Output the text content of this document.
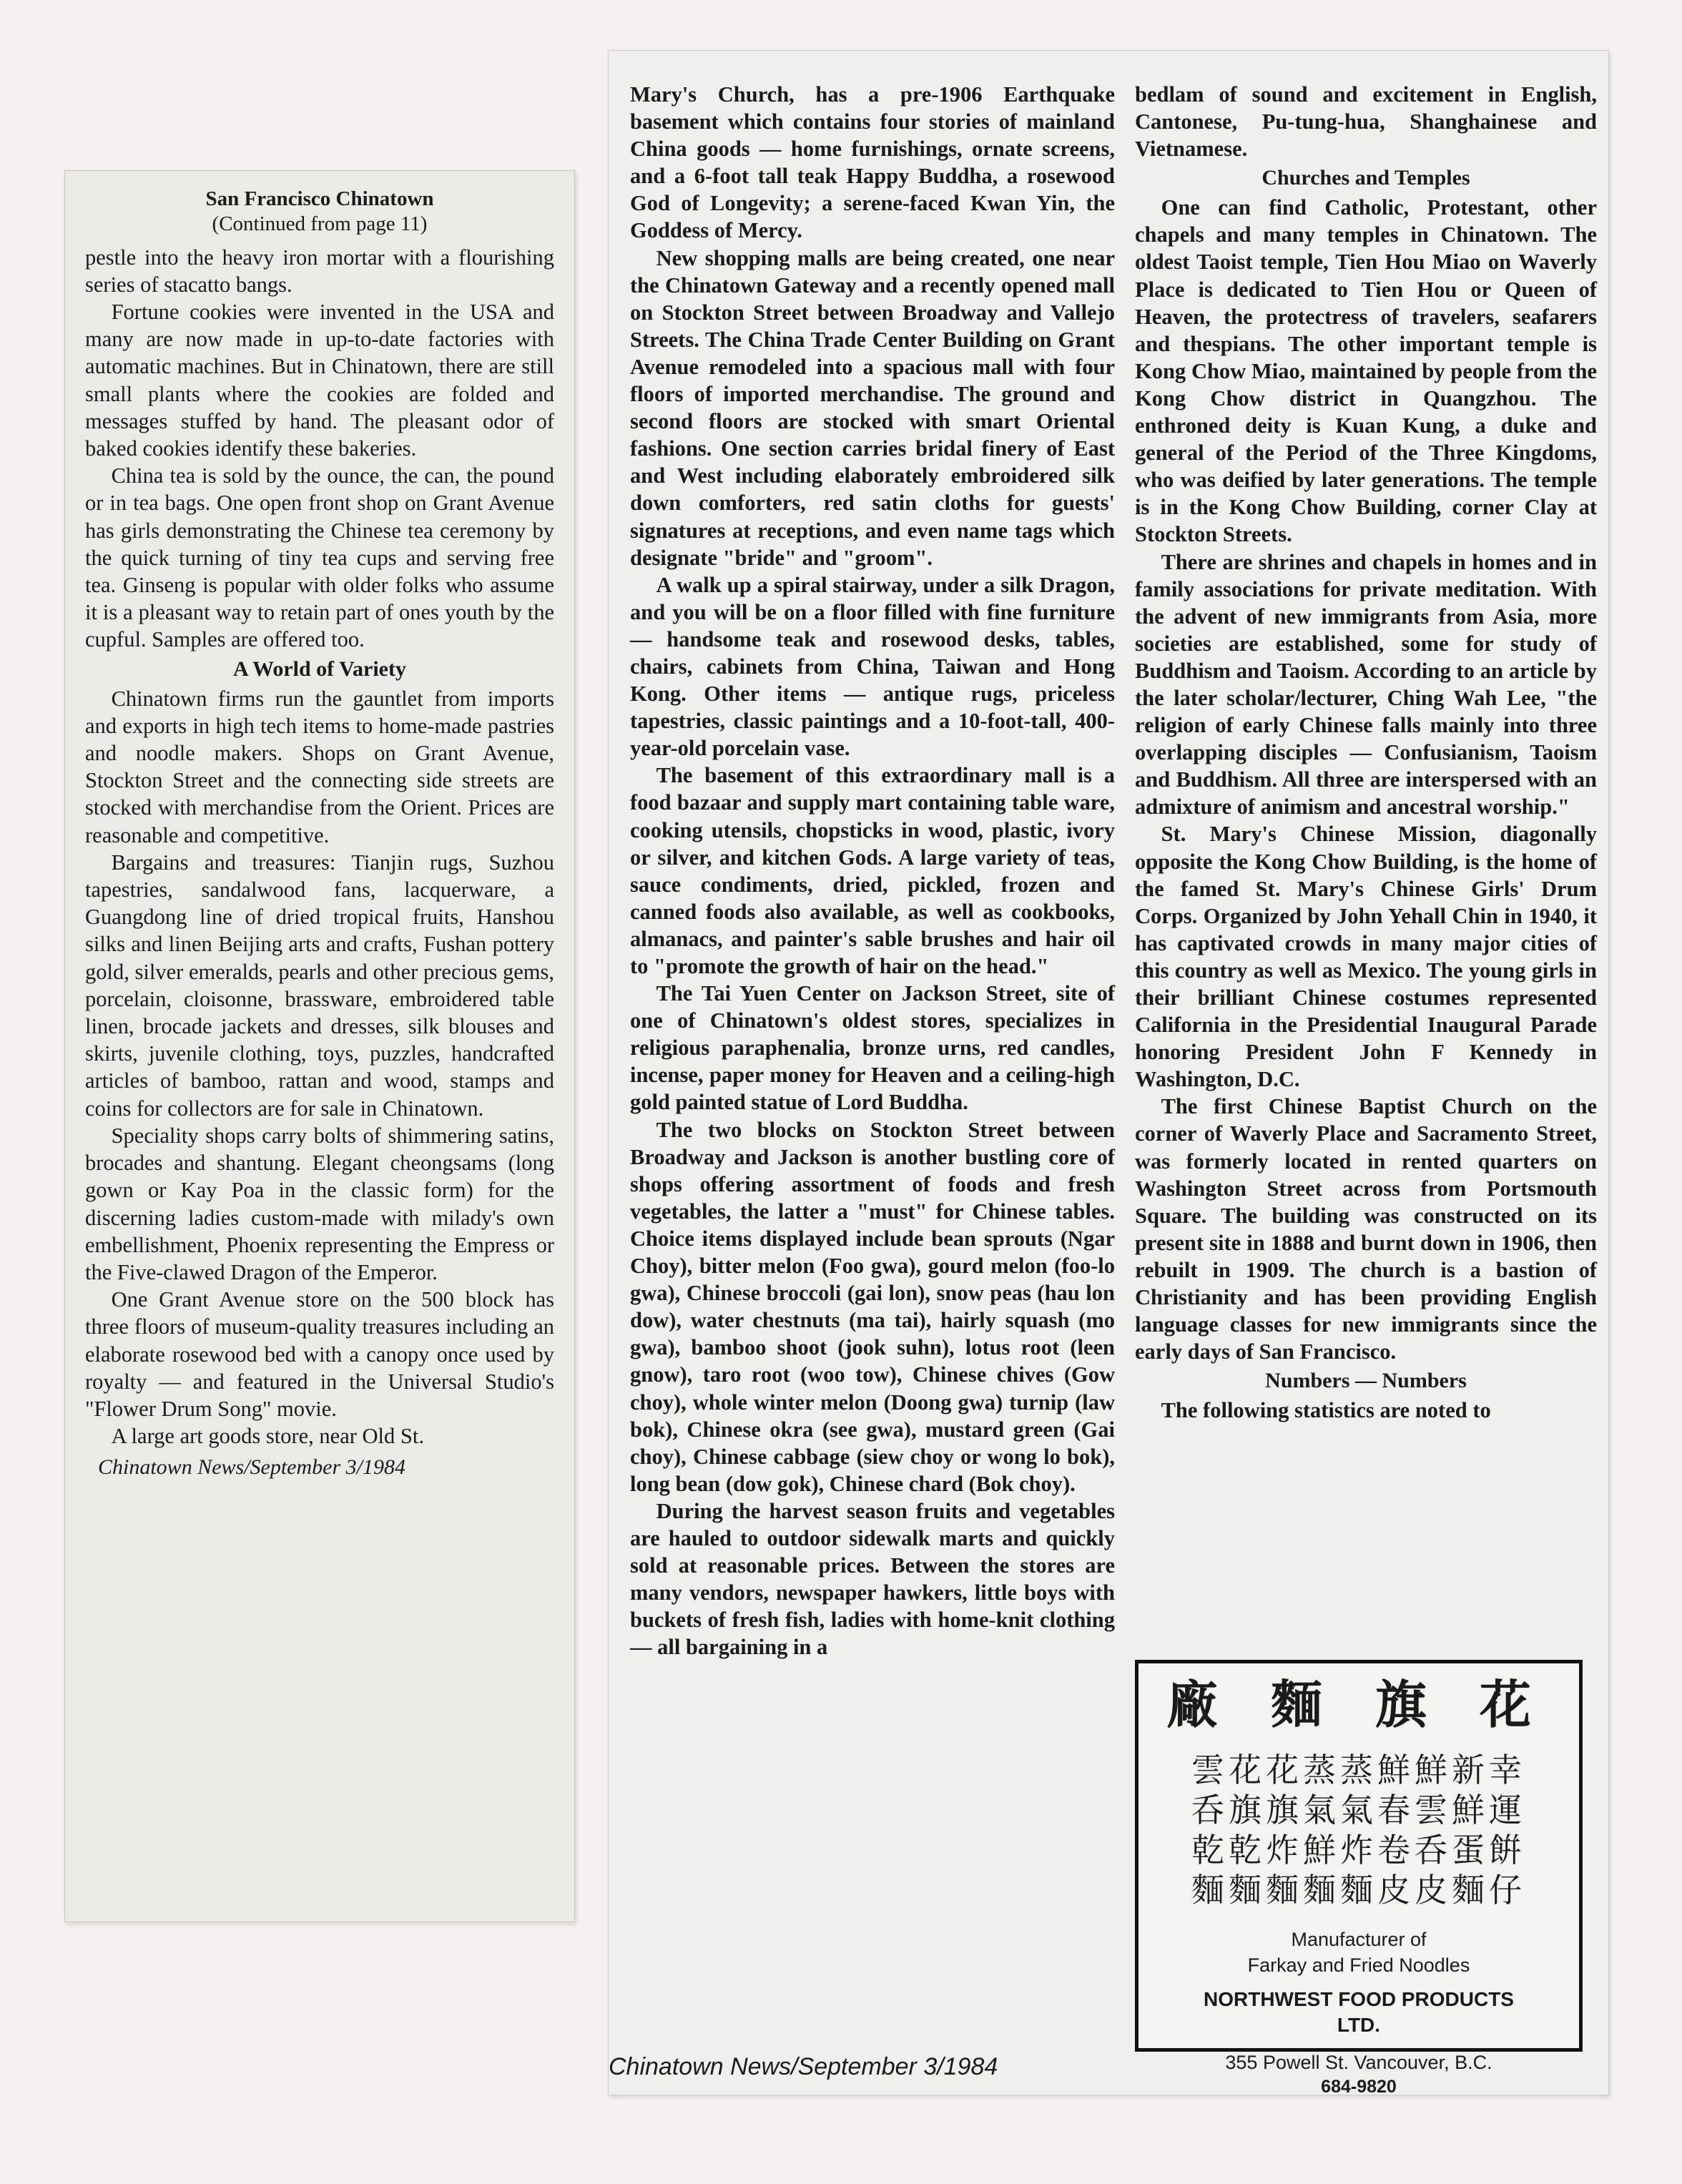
San Francisco Chinatown
(Continued from page 11)

pestle into the heavy iron mortar with a flourishing series of stacatto bangs.

Fortune cookies were invented in the USA and many are now made in up-to-date factories with automatic machines. But in Chinatown, there are still small plants where the cookies are folded and messages stuffed by hand. The pleasant odor of baked cookies identify these bakeries.

China tea is sold by the ounce, the can, the pound or in tea bags. One open front shop on Grant Avenue has girls demonstrating the Chinese tea ceremony by the quick turning of tiny tea cups and serving free tea. Ginseng is popular with older folks who assume it is a pleasant way to retain part of ones youth by the cupful. Samples are offered too.

A World of Variety

Chinatown firms run the gauntlet from imports and exports in high tech items to home-made pastries and noodle makers. Shops on Grant Avenue, Stockton Street and the connecting side streets are stocked with merchandise from the Orient. Prices are reasonable and competitive.

Bargains and treasures: Tianjin rugs, Suzhou tapestries, sandalwood fans, lacquerware, a Guangdong line of dried tropical fruits, Hanshou silks and linen Beijing arts and crafts, Fushan pottery gold, silver emeralds, pearls and other precious gems, porcelain, cloisonne, brassware, embroidered table linen, brocade jackets and dresses, silk blouses and skirts, juvenile clothing, toys, puzzles, handcrafted articles of bamboo, rattan and wood, stamps and coins for collectors are for sale in Chinatown.

Speciality shops carry bolts of shimmering satins, brocades and shantung. Elegant cheongsams (long gown or Kay Poa in the classic form) for the discerning ladies custom-made with milady's own embellishment, Phoenix representing the Empress or the Five-clawed Dragon of the Emperor.

One Grant Avenue store on the 500 block has three floors of museum-quality treasures including an elaborate rosewood bed with a canopy once used by royalty — and featured in the Universal Studio's "Flower Drum Song" movie.

A large art goods store, near Old St.

Chinatown News/September 3/1984

Mary's Church, has a pre-1906 Earthquake basement which contains four stories of mainland China goods — home furnishings, ornate screens, and a 6-foot tall teak Happy Buddha, a rosewood God of Longevity; a serene-faced Kwan Yin, the Goddess of Mercy.

New shopping malls are being created, one near the Chinatown Gateway and a recently opened mall on Stockton Street between Broadway and Vallejo Streets. The China Trade Center Building on Grant Avenue remodeled into a spacious mall with four floors of imported merchandise. The ground and second floors are stocked with smart Oriental fashions. One section carries bridal finery of East and West including elaborately embroidered silk down comforters, red satin cloths for guests' signatures at receptions, and even name tags which designate "bride" and "groom".

A walk up a spiral stairway, under a silk Dragon, and you will be on a floor filled with fine furniture — handsome teak and rosewood desks, tables, chairs, cabinets from China, Taiwan and Hong Kong. Other items — antique rugs, priceless tapestries, classic paintings and a 10-foot-tall, 400-year-old porcelain vase.

The basement of this extraordinary mall is a food bazaar and supply mart containing table ware, cooking utensils, chopsticks in wood, plastic, ivory or silver, and kitchen Gods. A large variety of teas, sauce condiments, dried, pickled, frozen and canned foods also available, as well as cookbooks, almanacs, and painter's sable brushes and hair oil to "promote the growth of hair on the head."

The Tai Yuen Center on Jackson Street, site of one of Chinatown's oldest stores, specializes in religious paraphenalia, bronze urns, red candles, incense, paper money for Heaven and a ceiling-high gold painted statue of Lord Buddha.

The two blocks on Stockton Street between Broadway and Jackson is another bustling core of shops offering assortment of foods and fresh vegetables, the latter a "must" for Chinese tables. Choice items displayed include bean sprouts (Ngar Choy), bitter melon (Foo gwa), gourd melon (foo-lo gwa), Chinese broccoli (gai lon), snow peas (hau lon dow), water chestnuts (ma tai), hairly squash (mo gwa), bamboo shoot (jook suhn), lotus root (leen gnow), taro root (woo tow), Chinese chives (Gow choy), whole winter melon (Doong gwa) turnip (law bok), Chinese okra (see gwa), mustard green (Gai choy), Chinese cabbage (siew choy or wong lo bok), long bean (dow gok), Chinese chard (Bok choy).

During the harvest season fruits and vegetables are hauled to outdoor sidewalk marts and quickly sold at reasonable prices. Between the stores are many vendors, newspaper hawkers, little boys with buckets of fresh fish, ladies with home-knit clothing — all bargaining in a

bedlam of sound and excitement in English, Cantonese, Pu-tung-hua, Shanghainese and Vietnamese.

Churches and Temples

One can find Catholic, Protestant, other chapels and many temples in Chinatown. The oldest Taoist temple, Tien Hou Miao on Waverly Place is dedicated to Tien Hou or Queen of Heaven, the protectress of travelers, seafarers and thespians. The other important temple is Kong Chow Miao, maintained by people from the Kong Chow district in Quangzhou. The enthroned deity is Kuan Kung, a duke and general of the Period of the Three Kingdoms, who was deified by later generations. The temple is in the Kong Chow Building, corner Clay at Stockton Streets.

There are shrines and chapels in homes and in family associations for private meditation. With the advent of new immigrants from Asia, more societies are established, some for study of Buddhism and Taoism. According to an article by the later scholar/lecturer, Ching Wah Lee, "the religion of early Chinese falls mainly into three overlapping disciples — Confusianism, Taoism and Buddhism. All three are interspersed with an admixture of animism and ancestral worship."

St. Mary's Chinese Mission, diagonally opposite the Kong Chow Building, is the home of the famed St. Mary's Chinese Girls' Drum Corps. Organized by John Yehall Chin in 1940, it has captivated crowds in many major cities of this country as well as Mexico. The young girls in their brilliant Chinese costumes represented California in the Presidential Inaugural Parade honoring President John F Kennedy in Washington, D.C.

The first Chinese Baptist Church on the corner of Waverly Place and Sacramento Street, was formerly located in rented quarters on Washington Street across from Portsmouth Square. The building was constructed on its present site in 1888 and burnt down in 1906, then rebuilt in 1909. The church is a bastion of Christianity and has been providing English language classes for new immigrants since the early days of San Francisco.

Numbers — Numbers

The following statistics are noted to

廠 麵 旗 花
雲花花蒸蒸鮮鮮新幸
呑旗旗氣氣春雲鮮運
乾乾炸鮮炸卷呑蛋餠
麵麵麵麵麵皮皮麵仔
Manufacturer of
Farkay and Fried Noodles
NORTHWEST FOOD PRODUCTS
LTD.
355 Powell St. Vancouver, B.C.
684-9820
Chinatown News/September 3/1984
